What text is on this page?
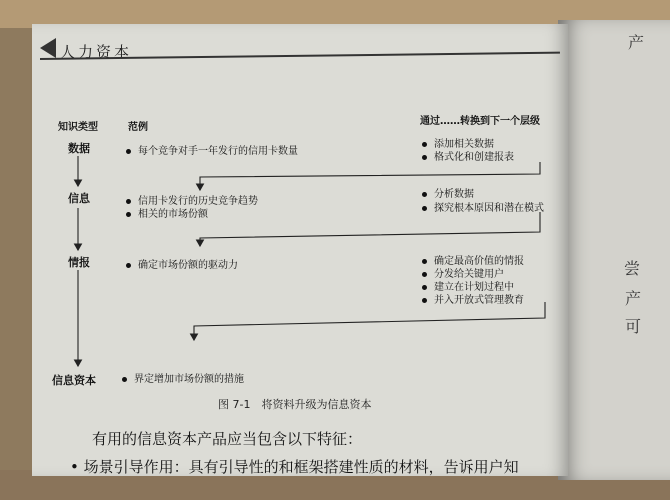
人力资本
知识类型	范例
通过……转换到下一个层级
数据
信息
情报
信息资本
每个竞争对手一年发行的信用卡数量
信用卡发行的历史竞争趋势
相关的市场份额
确定市场份额的驱动力
界定增加市场份额的措施
添加相关数据
格式化和创建报表
分析数据
探究根本原因和潜在模式
确定最高价值的情报
分发给关键用户
建立在计划过程中
并入开放式管理教育
图 7-1　将资料升级为信息资本
有用的信息资本产品应当包含以下特征：
• 场景引导作用：具有引导性的和框架搭建性质的材料，告诉用户知
产
尝
产
可
